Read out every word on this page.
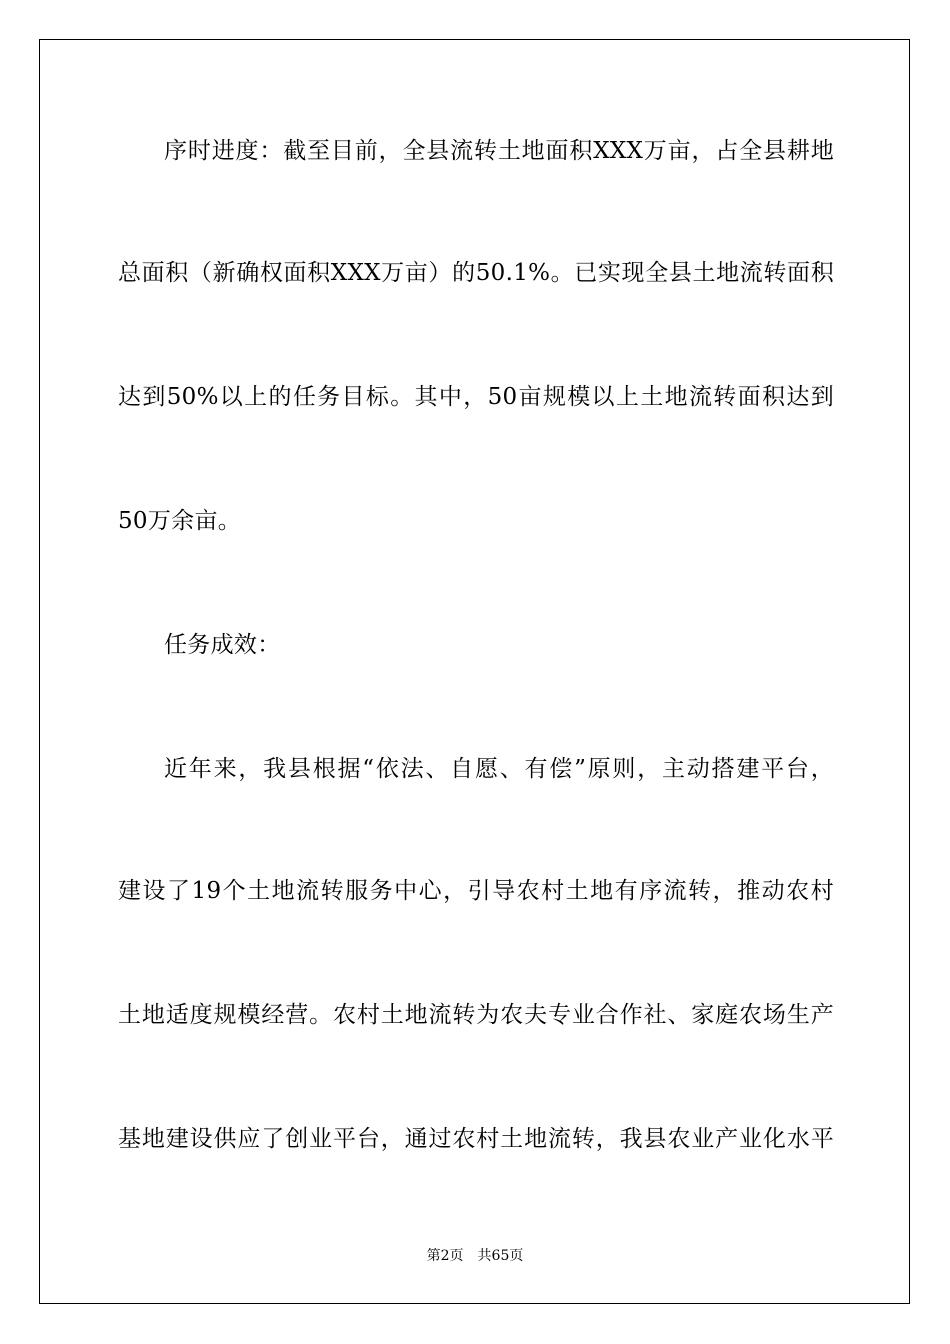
序时进度：截至目前，全县流转土地面积XXX万亩，占全县耕地
总面积（新确权面积XXX万亩）的50.1%。已实现全县土地流转面积
达到50%以上的任务目标。其中，50亩规模以上土地流转面积达到
50万余亩。
任务成效：
近年来，我县根据“依法、自愿、有偿”原则，主动搭建平台，
建设了19个土地流转服务中心，引导农村土地有序流转，推动农村
土地适度规模经营。农村土地流转为农夫专业合作社、家庭农场生产
基地建设供应了创业平台，通过农村土地流转，我县农业产业化水平
第2页 共65页
